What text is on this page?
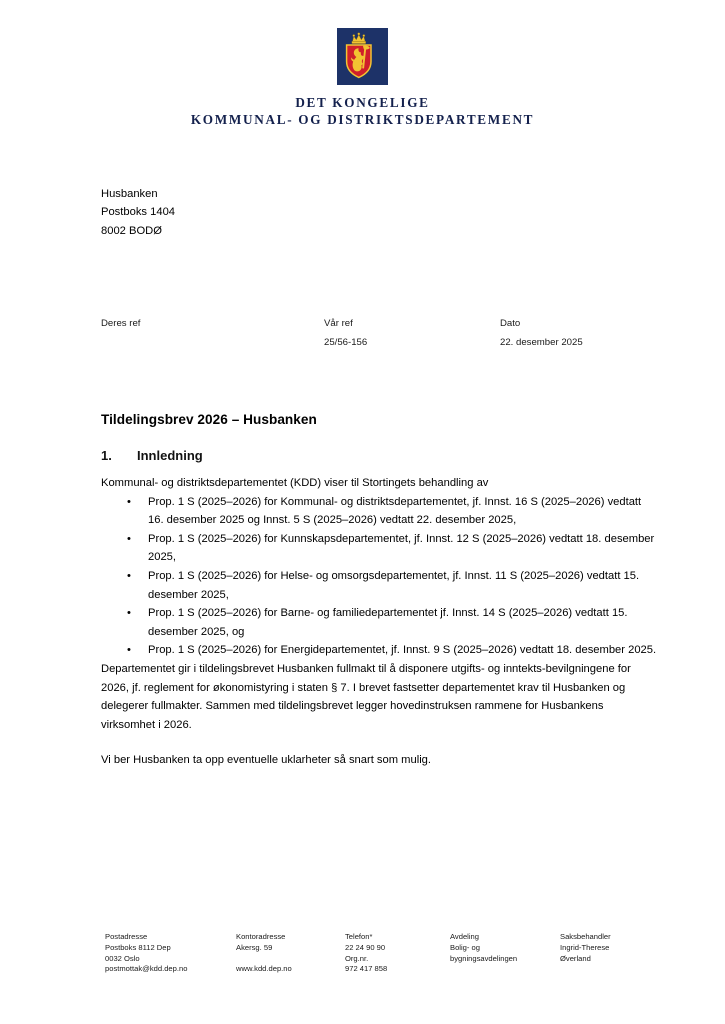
DET KONGELIGE
KOMMUNAL- OG DISTRIKTSDEPARTEMENT
Husbanken
Postboks 1404
8002 BODØ
Deres ref	Vår ref
25/56-156
Dato
22. desember 2025
Tildelingsbrev 2026 – Husbanken
1.	Innledning

Kommunal- og distriktsdepartementet (KDD) viser til Stortingets behandling av

• Prop. 1 S (2025–2026) for Kommunal- og distriktsdepartementet, jf. Innst. 16 S (2025–2026) vedtatt 16. desember 2025 og Innst. 5 S (2025–2026) vedtatt 22. desember 2025,
• Prop. 1 S (2025–2026) for Kunnskapsdepartementet, jf. Innst. 12 S (2025–2026) vedtatt 18. desember 2025,
• Prop. 1 S (2025–2026) for Helse- og omsorgsdepartementet, jf. Innst. 11 S (2025–2026) vedtatt 15. desember 2025,
• Prop. 1 S (2025–2026) for Barne- og familiedepartementet jf. Innst. 14 S (2025–2026) vedtatt 15. desember 2025, og
• Prop. 1 S (2025–2026) for Energidepartementet, jf. Innst. 9 S (2025–2026) vedtatt 18. desember 2025.

Departementet gir i tildelingsbrevet Husbanken fullmakt til å disponere utgifts- og inntekts-bevilgningene for 2026, jf. reglement for økonomistyring i staten § 7. I brevet fastsetter departementet krav til Husbanken og delegerer fullmakter. Sammen med tildelingsbrevet legger hovedinstruksen rammene for Husbankens virksomhet i 2026.

Vi ber Husbanken ta opp eventuelle uklarheter så snart som mulig.

Postadresse
Postboks 8112 Dep
0032 Oslo
postmottak@kdd.dep.no
Kontoradresse
Akersg. 59
www.kdd.dep.no
Telefon*
22 24 90 90
Org.nr.
972 417 858
Avdeling
Bolig- og
bygningsavdelingen
Saksbehandler
Ingrid-Therese
Øverland
